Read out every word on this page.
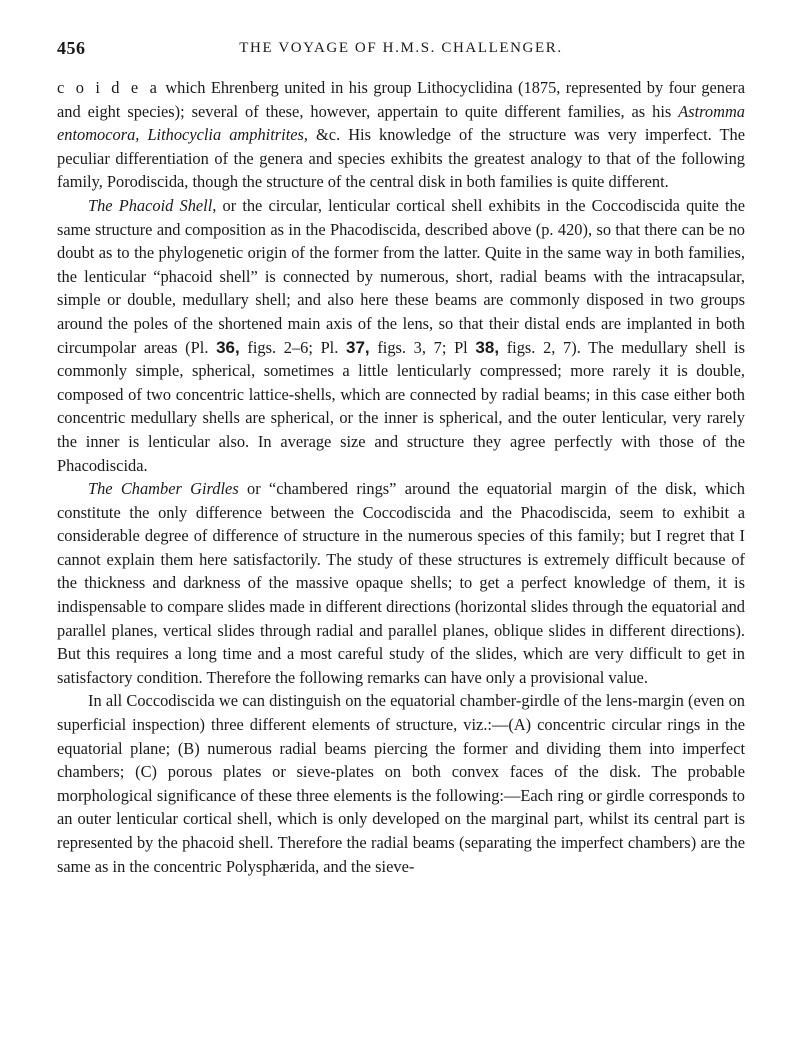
456	THE VOYAGE OF H.M.S. CHALLENGER.

c o i d e a which Ehrenberg united in his group Lithocyclidina (1875, represented by four genera and eight species); several of these, however, appertain to quite different families, as his Astromma entomocora, Lithocyclia amphitrites, &c. His knowledge of the structure was very imperfect. The peculiar differentiation of the genera and species exhibits the greatest analogy to that of the following family, Porodiscida, though the structure of the central disk in both families is quite different.

The Phacoid Shell, or the circular, lenticular cortical shell exhibits in the Coccodiscida quite the same structure and composition as in the Phacodiscida, described above (p. 420), so that there can be no doubt as to the phylogenetic origin of the former from the latter. Quite in the same way in both families, the lenticular “phacoid shell” is connected by numerous, short, radial beams with the intracapsular, simple or double, medullary shell; and also here these beams are commonly disposed in two groups around the poles of the shortened main axis of the lens, so that their distal ends are implanted in both circumpolar areas (Pl. 36, figs. 2–6; Pl. 37, figs. 3, 7; Pl 38, figs. 2, 7). The medullary shell is commonly simple, spherical, sometimes a little lenticularly compressed; more rarely it is double, composed of two concentric lattice-shells, which are connected by radial beams; in this case either both concentric medullary shells are spherical, or the inner is spherical, and the outer lenticular, very rarely the inner is lenticular also. In average size and structure they agree perfectly with those of the Phacodiscida.

The Chamber Girdles or “chambered rings” around the equatorial margin of the disk, which constitute the only difference between the Coccodiscida and the Phacodiscida, seem to exhibit a considerable degree of difference of structure in the numerous species of this family; but I regret that I cannot explain them here satisfactorily. The study of these structures is extremely difficult because of the thickness and darkness of the massive opaque shells; to get a perfect knowledge of them, it is indispensable to compare slides made in different directions (horizontal slides through the equatorial and parallel planes, vertical slides through radial and parallel planes, oblique slides in different directions). But this requires a long time and a most careful study of the slides, which are very difficult to get in satisfactory condition. Therefore the following remarks can have only a provisional value.

In all Coccodiscida we can distinguish on the equatorial chamber-girdle of the lens-margin (even on superficial inspection) three different elements of structure, viz.:—(A) concentric circular rings in the equatorial plane; (B) numerous radial beams piercing the former and dividing them into imperfect chambers; (C) porous plates or sieve-plates on both convex faces of the disk. The probable morphological significance of these three elements is the following:—Each ring or girdle corresponds to an outer lenticular cortical shell, which is only developed on the marginal part, whilst its central part is represented by the phacoid shell. Therefore the radial beams (separating the imperfect chambers) are the same as in the concentric Polysphærida, and the sieve-
